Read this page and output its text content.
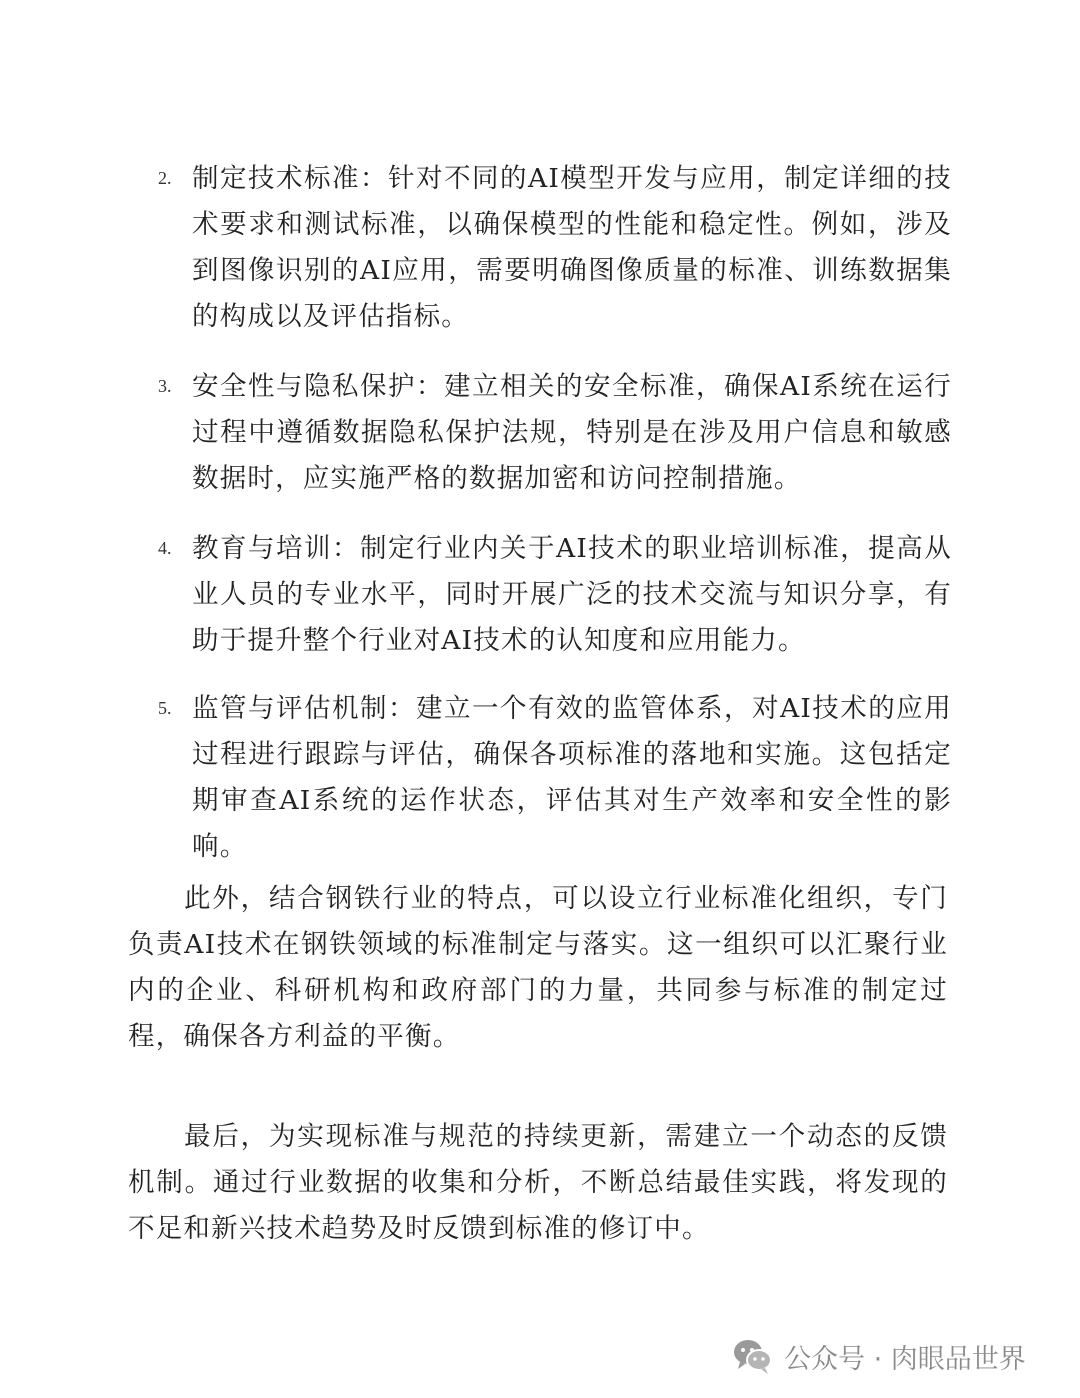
2. 制定技术标准：针对不同的AI模型开发与应用，制定详细的技术要求和测试标准，以确保模型的性能和稳定性。例如，涉及到图像识别的AI应用，需要明确图像质量的标准、训练数据集的构成以及评估指标。
3. 安全性与隐私保护：建立相关的安全标准，确保AI系统在运行过程中遵循数据隐私保护法规，特别是在涉及用户信息和敏感数据时，应实施严格的数据加密和访问控制措施。
4. 教育与培训：制定行业内关于AI技术的职业培训标准，提高从业人员的专业水平，同时开展广泛的技术交流与知识分享，有助于提升整个行业对AI技术的认知度和应用能力。
5. 监管与评估机制：建立一个有效的监管体系，对AI技术的应用过程进行跟踪与评估，确保各项标准的落地和实施。这包括定期审查AI系统的运作状态，评估其对生产效率和安全性的影响。

此外，结合钢铁行业的特点，可以设立行业标准化组织，专门负责AI技术在钢铁领域的标准制定与落实。这一组织可以汇聚行业内的企业、科研机构和政府部门的力量，共同参与标准的制定过程，确保各方利益的平衡。

最后，为实现标准与规范的持续更新，需建立一个动态的反馈机制。通过行业数据的收集和分析，不断总结最佳实践，将发现的不足和新兴技术趋势及时反馈到标准的修订中。

公众号 · 肉眼品世界
